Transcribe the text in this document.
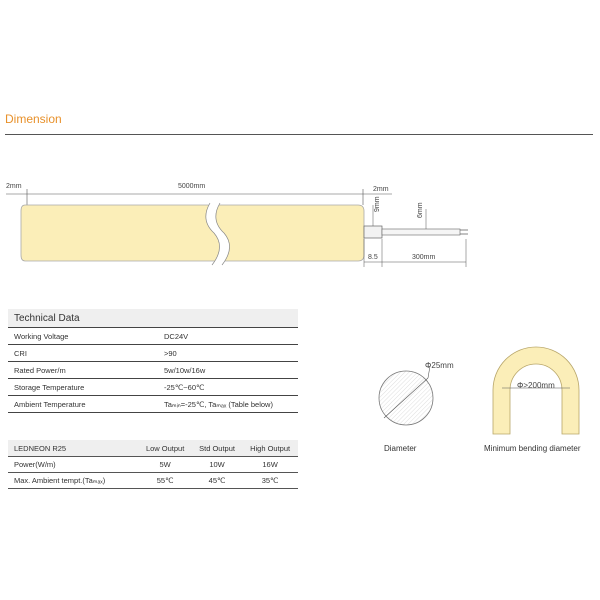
Dimension
2mm	5000mm	2mm
9mm	6mm
8.5	300mm
Technical Data	
Working Voltage	DC24V
CRI	>90
Rated Power/m	5w/10w/16w
Storage Temperature	-25℃~60℃
Ambient Temperature	Taₘᵢₙ=-25℃, Taₘₐₓ (Table below)
LEDNEON R25	Low Output	Std Output	High Output
Power(W/m)	5W	10W	16W
Max. Ambient tempt.(Taₘₐₓ)	55℃	45℃	35℃
Φ25mm
Diameter
Φ>200mm
Minimum bending diameter
